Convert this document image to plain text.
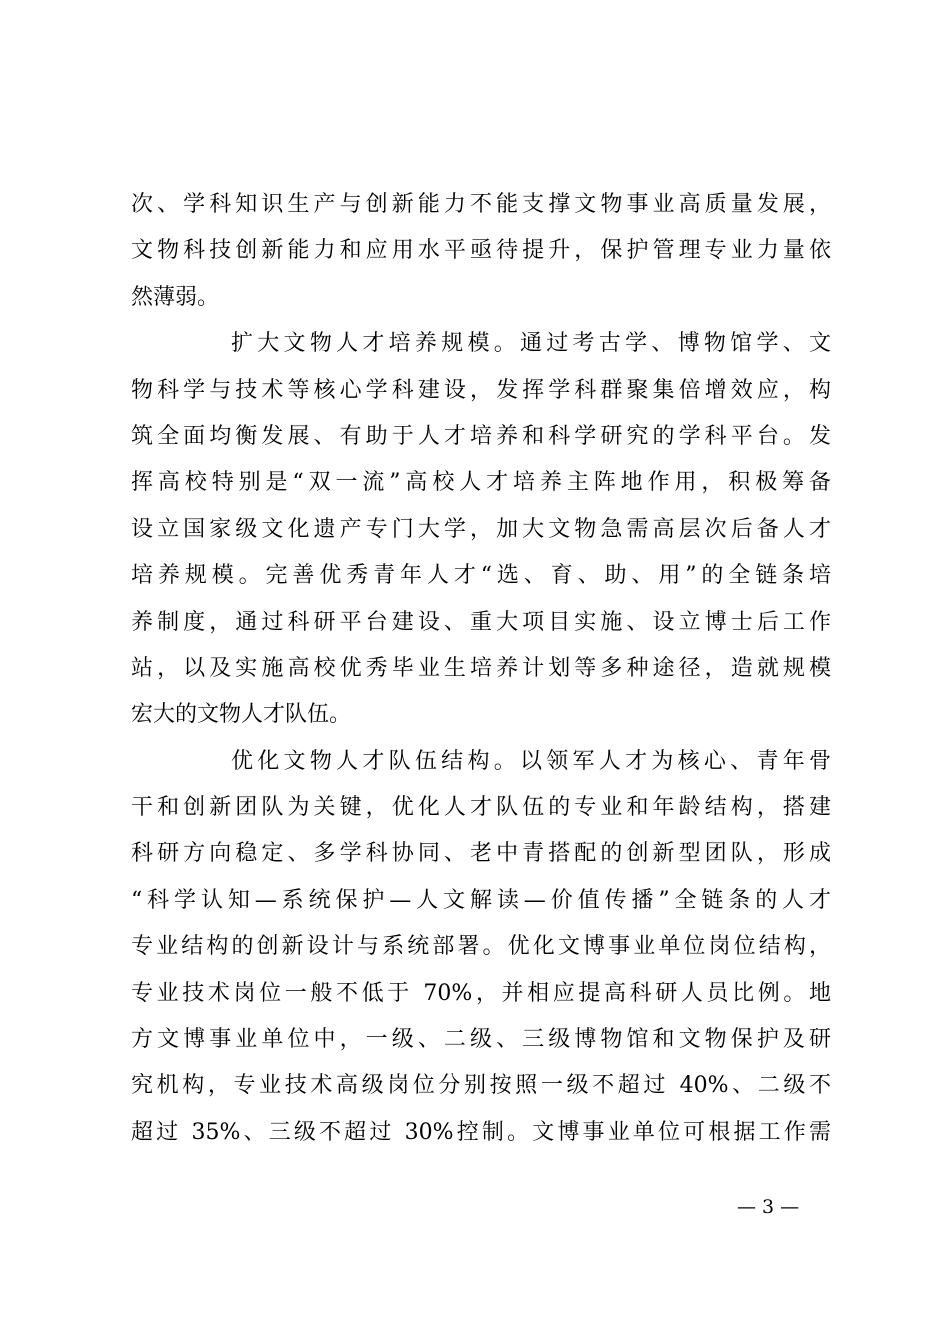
次、学科知识生产与创新能力不能支撑文物事业高质量发展，
文物科技创新能力和应用水平亟待提升，保护管理专业力量依
然薄弱。
扩大文物人才培养规模。通过考古学、博物馆学、文
物科学与技术等核心学科建设，发挥学科群聚集倍增效应，构
筑全面均衡发展、有助于人才培养和科学研究的学科平台。发
挥高校特别是“双一流”高校人才培养主阵地作用，积极筹备
设立国家级文化遗产专门大学，加大文物急需高层次后备人才
培养规模。完善优秀青年人才“选、育、助、用”的全链条培
养制度，通过科研平台建设、重大项目实施、设立博士后工作
站，以及实施高校优秀毕业生培养计划等多种途径，造就规模
宏大的文物人才队伍。
优化文物人才队伍结构。以领军人才为核心、青年骨
干和创新团队为关键，优化人才队伍的专业和年龄结构，搭建
科研方向稳定、多学科协同、老中青搭配的创新型团队，形成
“科学认知—系统保护—人文解读—价值传播”全链条的人才
专业结构的创新设计与系统部署。优化文博事业单位岗位结构，
专业技术岗位一般不低于 70%，并相应提高科研人员比例。地
方文博事业单位中，一级、二级、三级博物馆和文物保护及研
究机构，专业技术高级岗位分别按照一级不超过 40%、二级不
超过 35%、三级不超过 30%控制。文博事业单位可根据工作需
— 3 —
